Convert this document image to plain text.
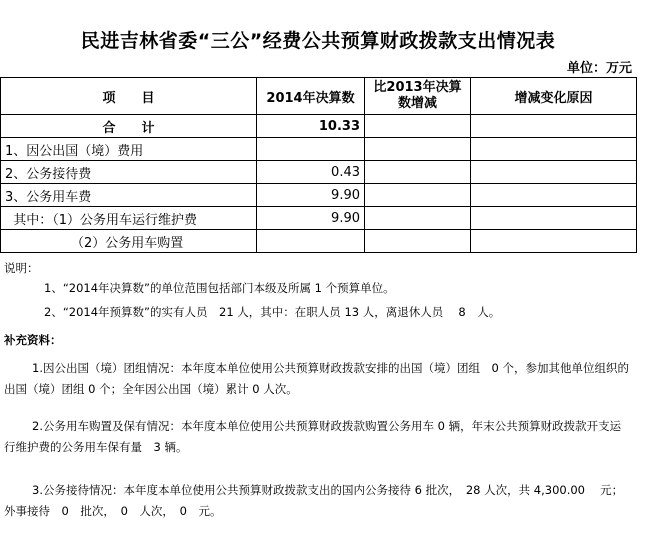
民进吉林省委“三公”经费公共预算财政拨款支出情况表
单位：万元
项　　目	2014年决算数	比2013年决算数增减	增减变化原因
合　　计	10.33		
1、因公出国（境）费用			
2、公务接待费	0.43		
3、公务用车费	9.90		
其中：（1）公务用车运行维护费	9.90		
（2）公务用车购置			
说明：
1、“2014年决算数”的单位范围包括部门本级及所属 1 个预算单位。
2、“2014年预算数”的实有人员　21 人，其中：在职人员 13 人，离退休人员　 8　人。
补充资料：
1.因公出国（境）团组情况：本年度本单位使用公共预算财政拨款安排的出国（境）团组　0 个，参加其他单位组织的出国（境）团组 0 个；全年因公出国（境）累计 0 人次。
2.公务用车购置及保有情况：本年度本单位使用公共预算财政拨款购置公务用车 0 辆，年末公共预算财政拨款开支运行维护费的公务用车保有量　3 辆。
3.公务接待情况：本年度本单位使用公共预算财政拨款支出的国内公务接待 6 批次，　28 人次，共 4,300.00　 元；外事接待　0　批次，　0　人次，　0　元。
